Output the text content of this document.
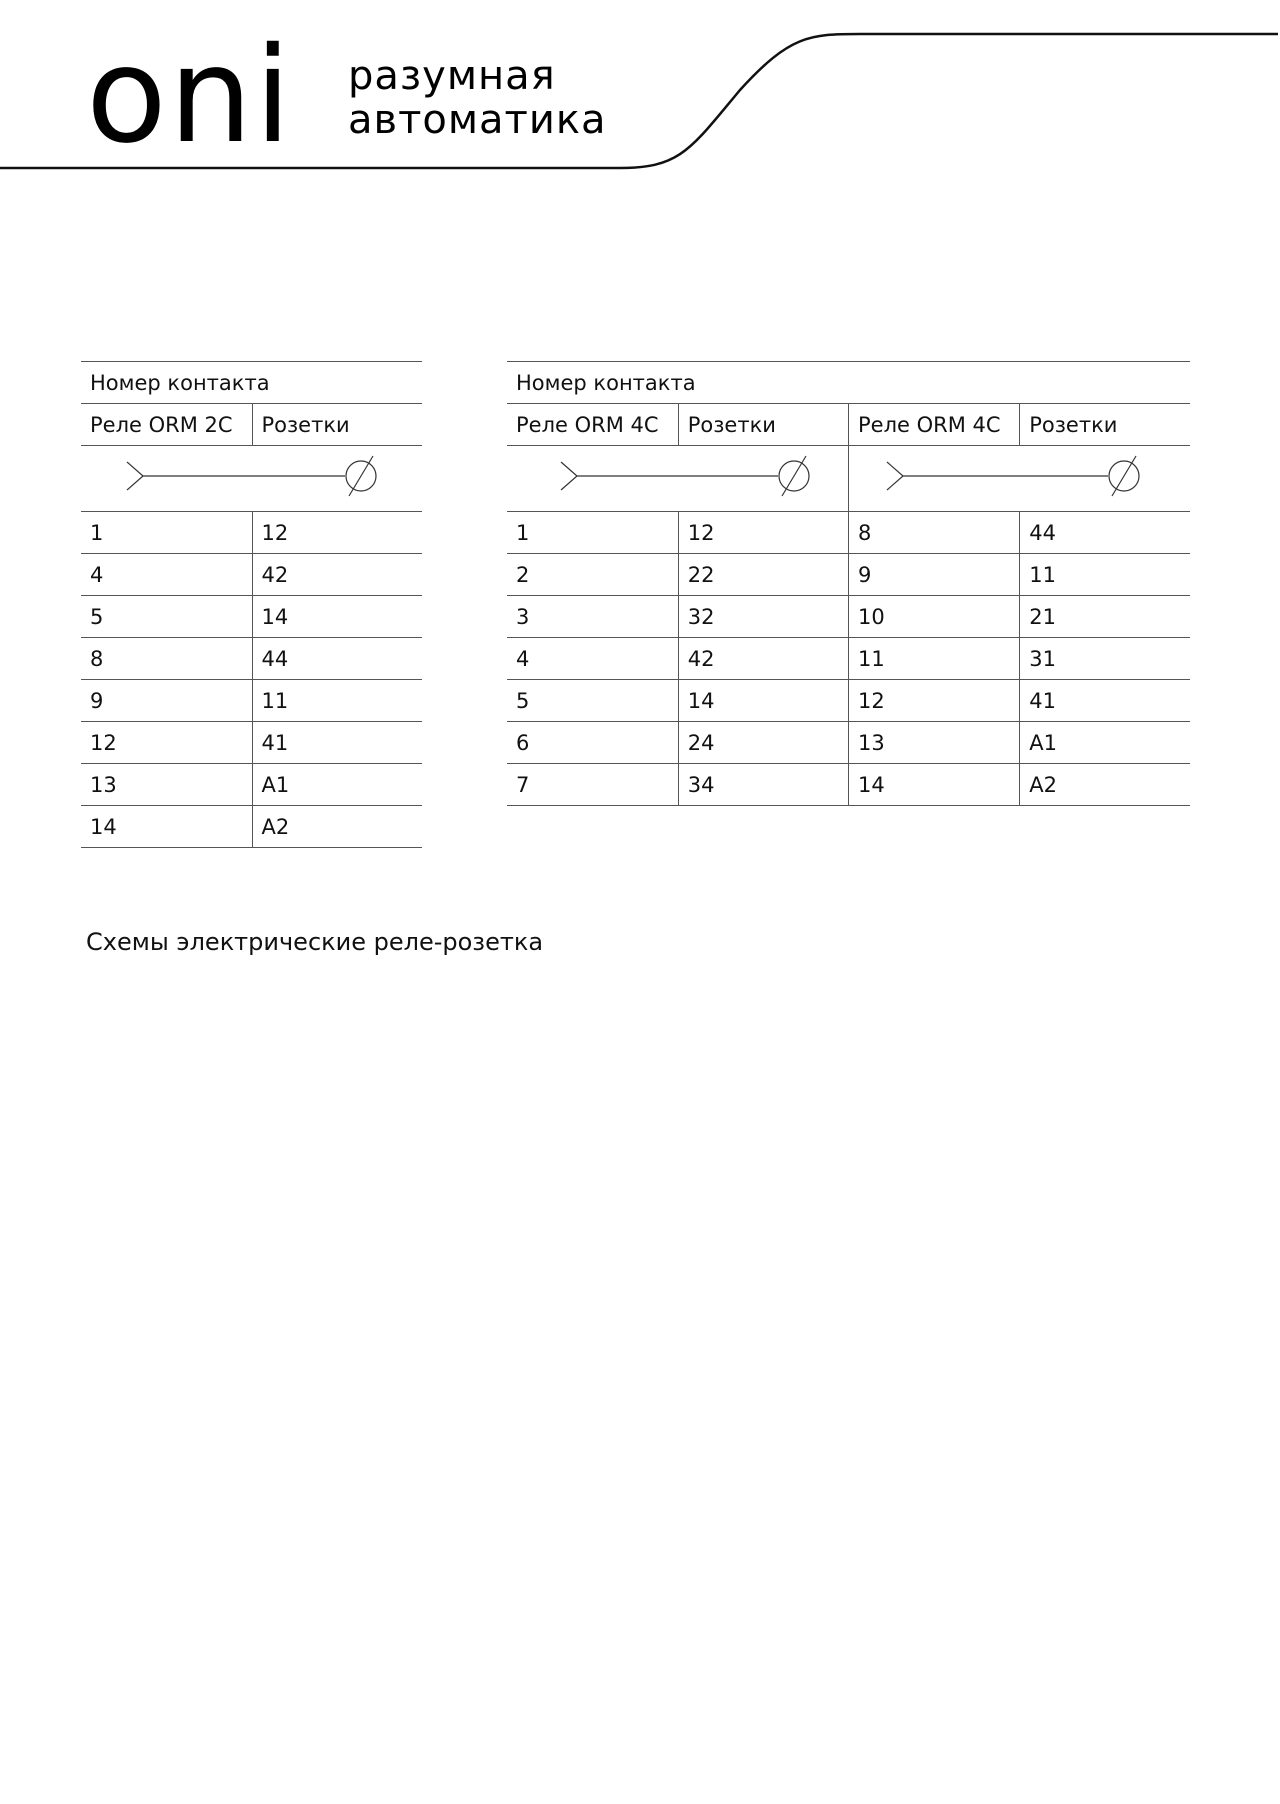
oni разумная
автоматика
Номер контакта	
Реле ORM 2C	Розетки

1	12
4	42
5	14
8	44
9	11
12	41
13	A1
14	A2
Номер контакта			
Реле ORM 4C	Розетки	Реле ORM 4C	Розетки

1	12	8	44
2	22	9	11
3	32	10	21
4	42	11	31
5	14	12	41
6	24	13	A1
7	34	14	A2
Схемы электрические реле-розетка
